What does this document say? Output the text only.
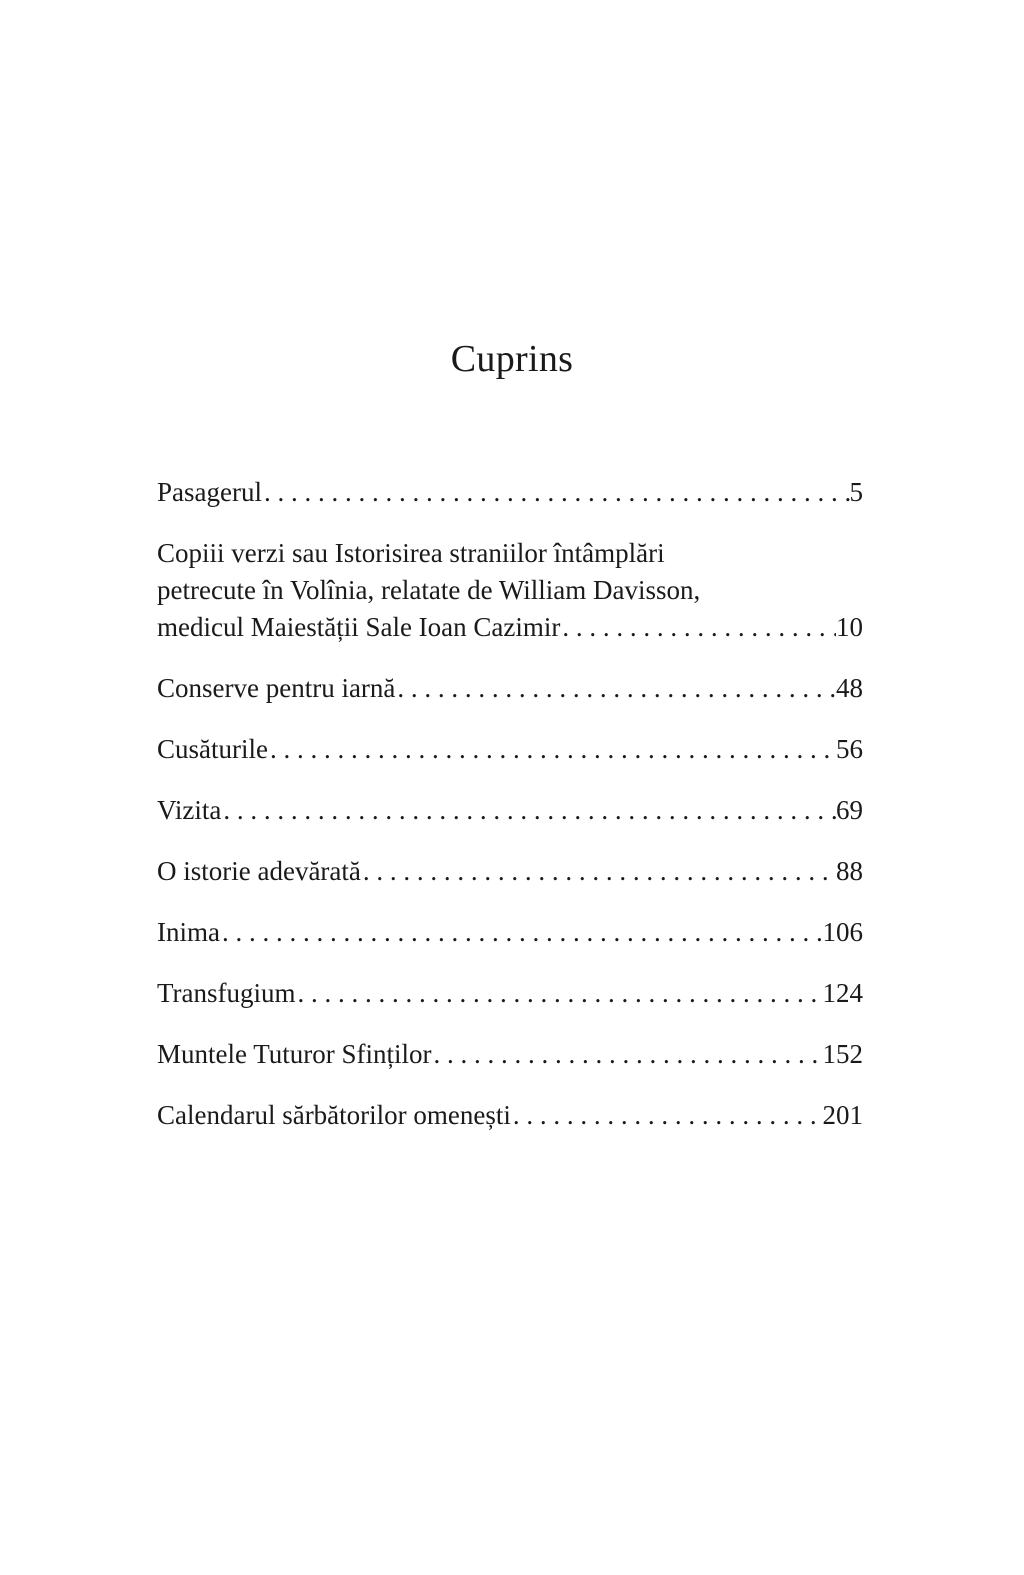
Cuprins
Pasagerul . . .	5
Copiii verzi sau Istorisirea straniilor întâmplări
petrecute în Volînia, relatate de William Davisson,
medicul Maiestății Sale Ioan Cazimir . . .	10
Conserve pentru iarnă . . .	48
Cusăturile . . .	56
Vizita . . .	69
O istorie adevărată . . .	88
Inima . . .	106
Transfugium . . .	124
Muntele Tuturor Sfinților . . .	152
Calendarul sărbătorilor omenești . . .	201
